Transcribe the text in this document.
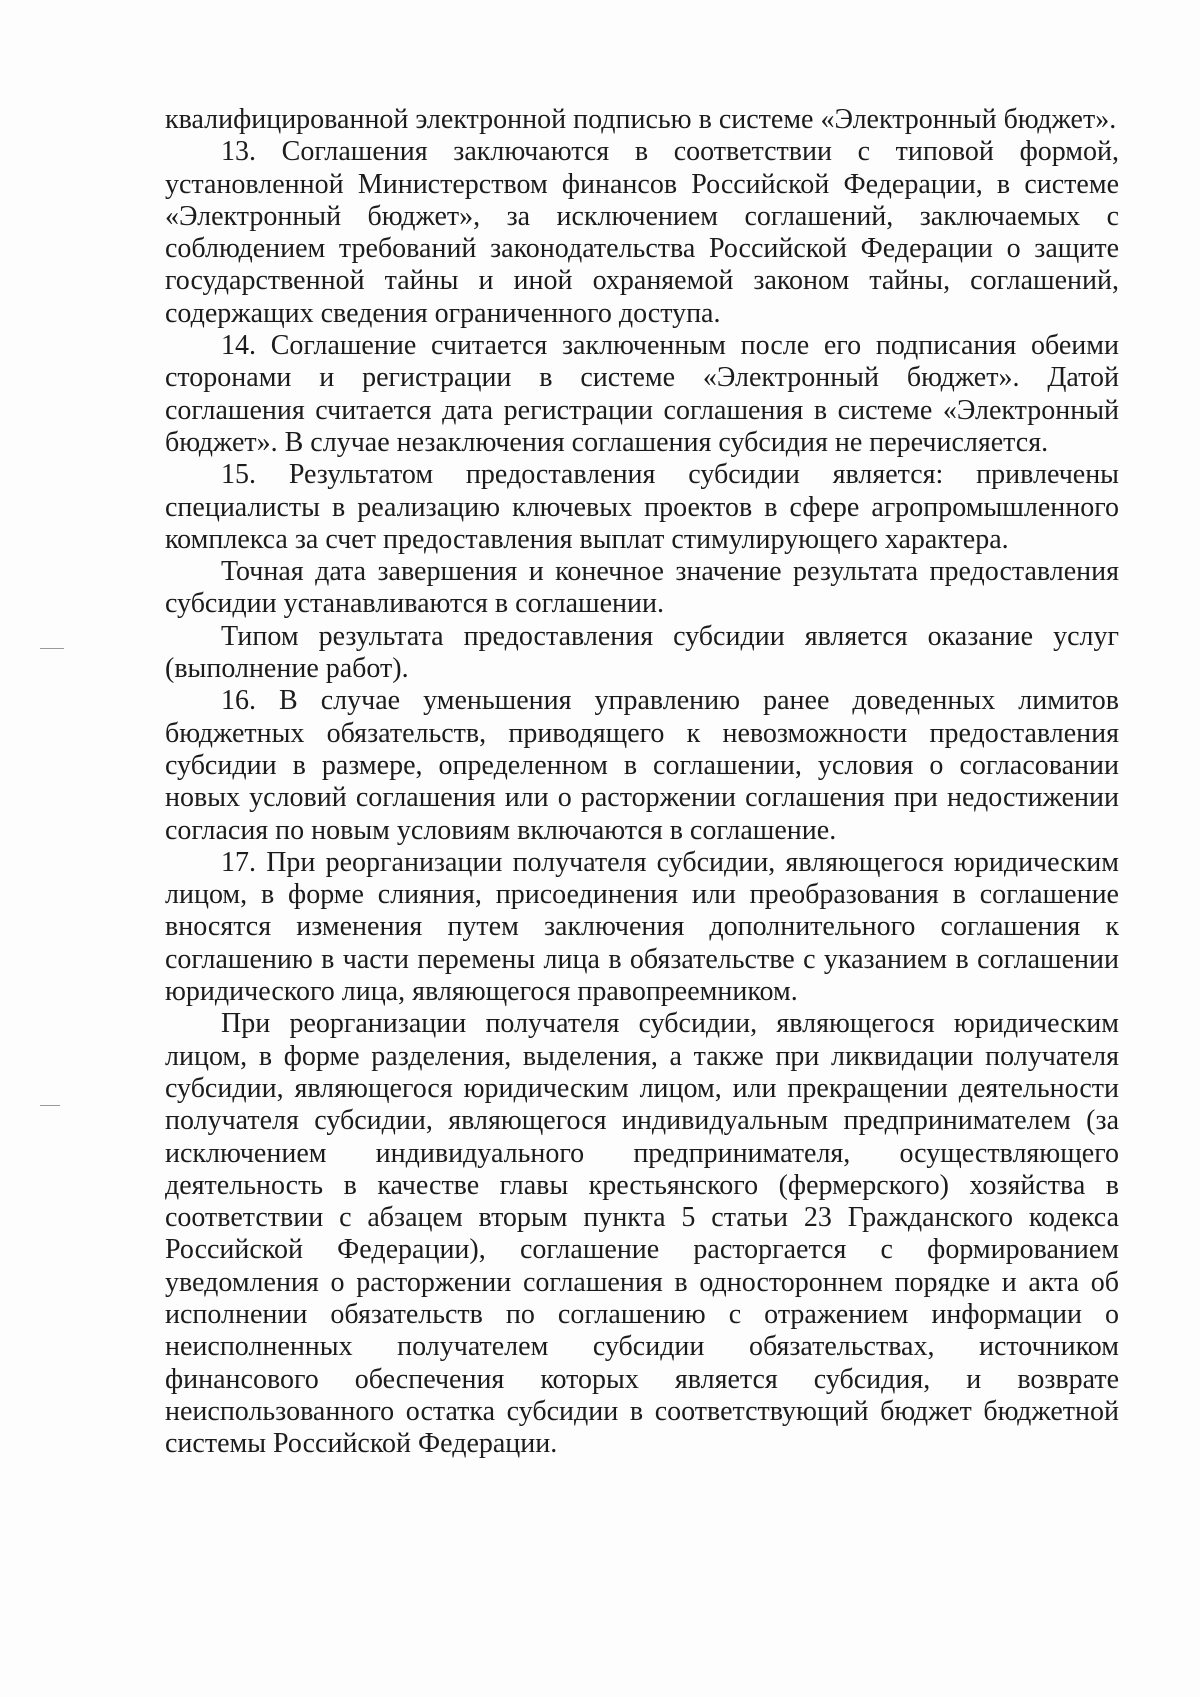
квалифицированной электронной подписью в системе «Электронный бюджет».

13. Соглашения заключаются в соответствии с типовой формой, установленной Министерством финансов Российской Федерации, в системе «Электронный бюджет», за исключением соглашений, заключаемых с соблюдением требований законодательства Российской Федерации о защите государственной тайны и иной охраняемой законом тайны, соглашений, содержащих сведения ограниченного доступа.

14. Соглашение считается заключенным после его подписания обеими сторонами и регистрации в системе «Электронный бюджет». Датой соглашения считается дата регистрации соглашения в системе «Электронный бюджет». В случае незаключения соглашения субсидия не перечисляется.

15. Результатом предоставления субсидии является: привлечены специалисты в реализацию ключевых проектов в сфере агропромышленного комплекса за счет предоставления выплат стимулирующего характера.

Точная дата завершения и конечное значение результата предоставления субсидии устанавливаются в соглашении.

Типом результата предоставления субсидии является оказание услуг (выполнение работ).

16. В случае уменьшения управлению ранее доведенных лимитов бюджетных обязательств, приводящего к невозможности предоставления субсидии в размере, определенном в соглашении, условия о согласовании новых условий соглашения или о расторжении соглашения при недостижении согласия по новым условиям включаются в соглашение.

17. При реорганизации получателя субсидии, являющегося юридическим лицом, в форме слияния, присоединения или преобразования в соглашение вносятся изменения путем заключения дополнительного соглашения к соглашению в части перемены лица в обязательстве с указанием в соглашении юридического лица, являющегося правопреемником.

При реорганизации получателя субсидии, являющегося юридическим лицом, в форме разделения, выделения, а также при ликвидации получателя субсидии, являющегося юридическим лицом, или прекращении деятельности получателя субсидии, являющегося индивидуальным предпринимателем (за исключением индивидуального предпринимателя, осуществляющего деятельность в качестве главы крестьянского (фермерского) хозяйства в соответствии с абзацем вторым пункта 5 статьи 23 Гражданского кодекса Российской Федерации), соглашение расторгается с формированием уведомления о расторжении соглашения в одностороннем порядке и акта об исполнении обязательств по соглашению с отражением информации о неисполненных получателем субсидии обязательствах, источником финансового обеспечения которых является субсидия, и возврате неиспользованного остатка субсидии в соответствующий бюджет бюджетной системы Российской Федерации.
